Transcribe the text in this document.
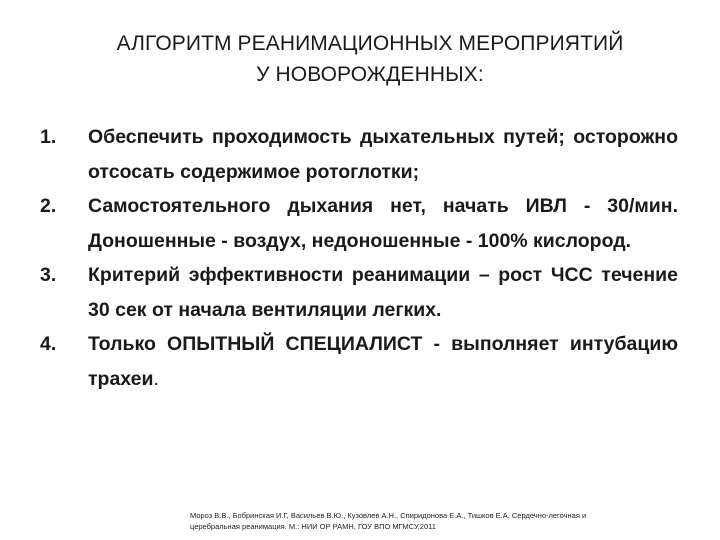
АЛГОРИТМ РЕАНИМАЦИОННЫХ МЕРОПРИЯТИЙ
У НОВОРОЖДЕННЫХ:
1. Обеспечить проходимость дыхательных путей; осторожно отсосать содержимое ротоглотки;
2. Самостоятельного дыхания нет, начать ИВЛ - 30/мин. Доношенные - воздух, недоношенные - 100% кислород.
3. Критерий эффективности реанимации – рост ЧСС течение 30 сек от начала вентиляции легких.
4. Только ОПЫТНЫЙ СПЕЦИАЛИСТ - выполняет интубацию трахеи.
Мороз В.В., Бобринская И.Г, Васильев В.Ю., Кузовлев А.Н., Спиридонова Е.А., Тишков Е.А. Сердечно-легочная и
церебральная реанимация. М.: НИИ ОР РАМН, ГОУ ВПО МГМСУ,2011
